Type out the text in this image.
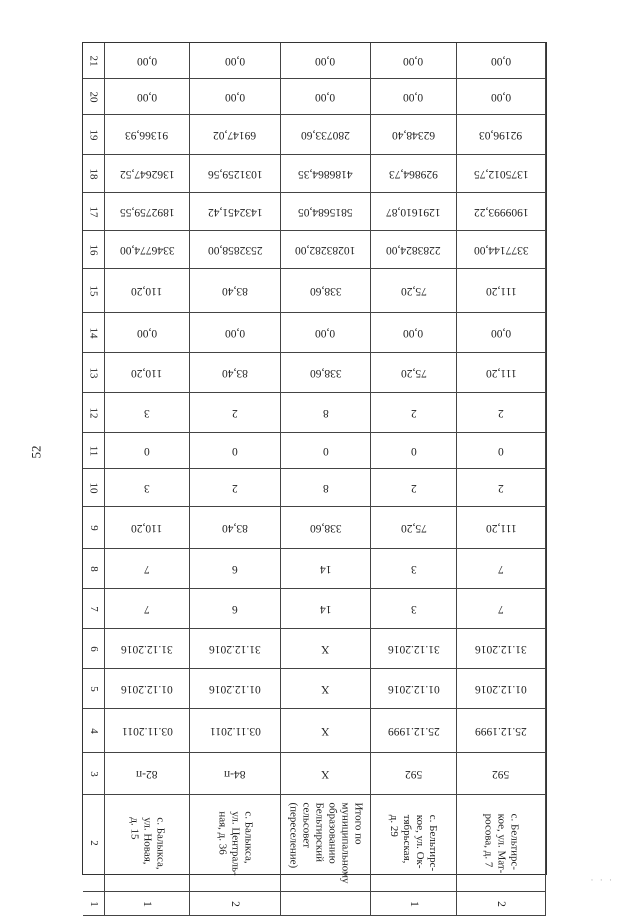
52
21
20
19
18
17
16
15
14
13
12
11
10
9
8
7
6
5
4
3
2
1
0,00
0,00
91366,93
1362647,52
1892759,55
3346774,00
110,20
0,00
110,20
3
0
3
110,20
7
7
31.12.2016
01.12.2016
03.11.2011
82-п
с. Балыкса,
ул. Новая,
д. 15
1
0,00
0,00
69147,02
1031259,56
1432451,42
2532858,00
83,40
0,00
83,40
2
0
2
83,40
6
6
31.12.2016
01.12.2016
03.11.2011
84-п
с. Балыкса,
ул. Централь-
ная, д. 36
2
0,00
0,00
280733,60
4186864,35
5815684,05
10283282,00
338,60
0,00
338,60
8
0
8
338,60
14
14
X
X
X
X
Итого по
муниципальному
образованию
Бельтирский
сельсовет
(переселение)
0,00
0,00
62348,40
929864,73
1291610,87
2283824,00
75,20
0,00
75,20
2
0
2
75,20
3
3
31.12.2016
01.12.2016
25.12.1999
592
с. Бельтирс-
кое, ул. Ок-
тябрьская,
д. 29
1
0,00
0,00
92196,03
1375012,75
1909993,22
3377144,00
111,20
0,00
111,20
2
0
2
111,20
7
7
31.12.2016
01.12.2016
25.12.1999
592
с. Бельтирс-
кое, ул. Мат-
росова, д. 7
2
· · ·
